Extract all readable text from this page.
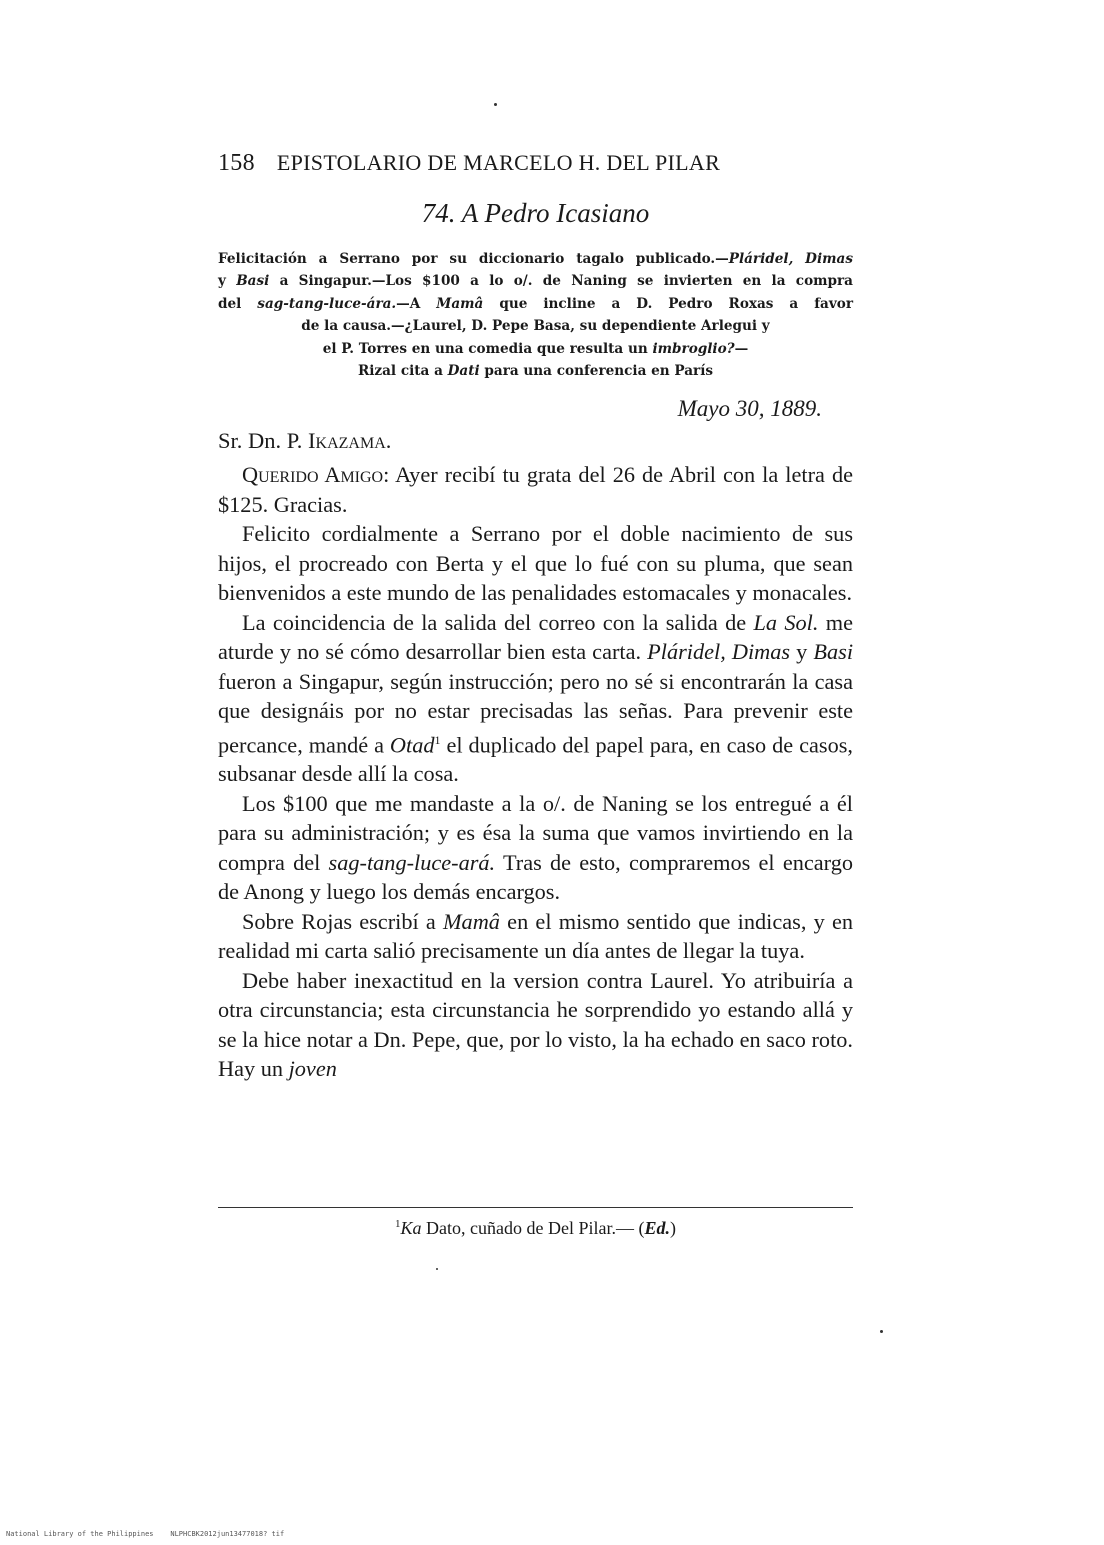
158 EPISTOLARIO DE MARCELO H. DEL PILAR
74. A Pedro Icasiano
Felicitación a Serrano por su diccionario tagalo publicado.—Pláridel, Dimas
y Basi a Singapur.—Los $100 a lo o/. de Naning se invierten en la compra
del sag-tang-luce-ára.—A Mamâ que incline a D. Pedro Roxas a favor
de la causa.—¿Laurel, D. Pepe Basa, su dependiente Arlegui y
el P. Torres en una comedia que resulta un imbroglio?—
Rizal cita a Dati para una conferencia en París
Mayo 30, 1889.
Sr. Dn. P. Ikazama.

Querido Amigo: Ayer recibí tu grata del 26 de Abril con la letra de $125. Gracias.

Felicito cordialmente a Serrano por el doble nacimiento de sus hijos, el procreado con Berta y el que lo fué con su pluma, que sean bienvenidos a este mundo de las penalidades estomacales y monacales.

La coincidencia de la salida del correo con la salida de La Sol. me aturde y no sé cómo desarrollar bien esta carta. Pláridel, Dimas y Basi fueron a Singapur, según instrucción; pero no sé si encontrarán la casa que designáis por no estar precisadas las señas. Para prevenir este percance, mandé a Otad$^1$ el duplicado del papel para, en caso de casos, subsanar desde allí la cosa.

Los $100 que me mandaste a la o/. de Naning se los entregué a él para su administración; y es ésa la suma que vamos invirtiendo en la compra del sag-tang-luce-ará. Tras de esto, compraremos el encargo de Anong y luego los demás encargos.

Sobre Rojas escribí a Mamâ en el mismo sentido que indicas, y en realidad mi carta salió precisamente un día antes de llegar la tuya.

Debe haber inexactitud en la version contra Laurel. Yo atribuiría a otra circunstancia; esta circunstancia he sorprendido yo estando allá y se la hice notar a Dn. Pepe, que, por lo visto, la ha echado en saco roto. Hay un joven

$^1$Ka Dato, cuñado de Del Pilar.— (Ed.)
National Library of the Philippines NLPHCBK2012jun13477018? tif
